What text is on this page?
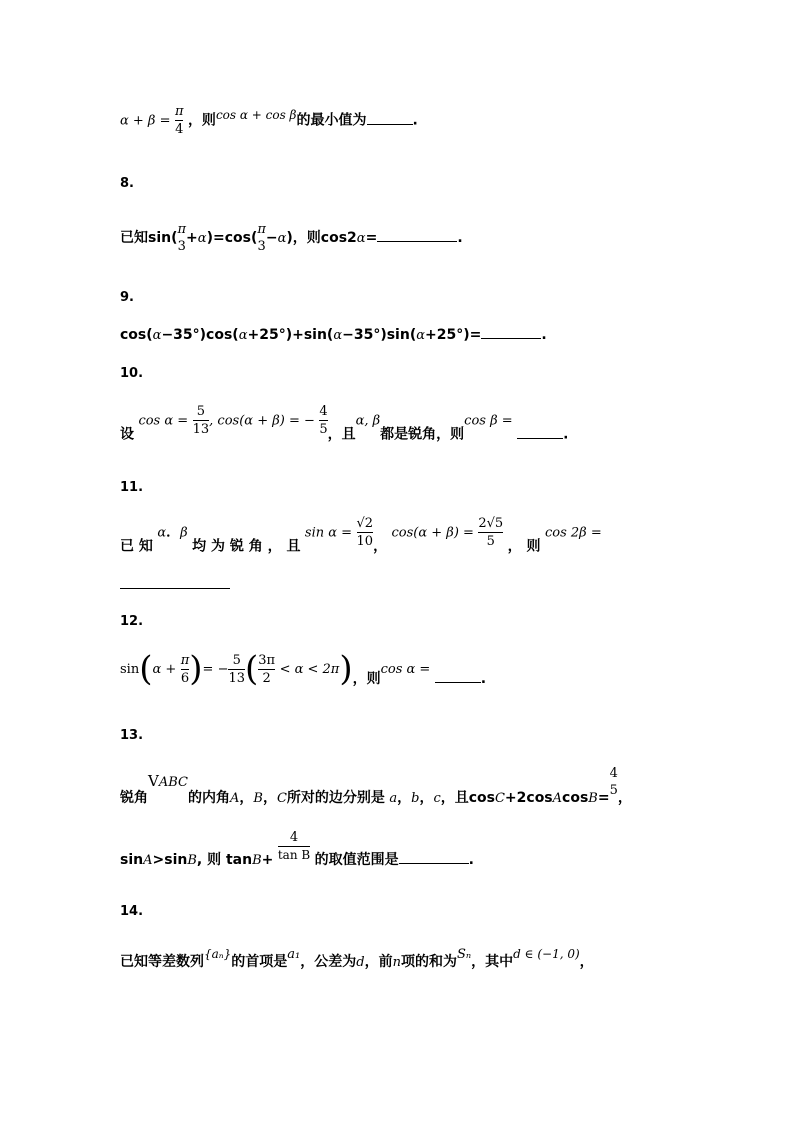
$\alpha + \beta = \frac{\pi}{4}$ ，则$^{cos \alpha + cos \beta}$的最小值为	.
8.
已知sin(
π
3
+α)=cos(
π
3
−α)，则cos2α=	.
9.
cos(α−35°)cos(α+25°)+sin(α−35°)sin(α+25°)=	.
10.
设 $\cos \alpha = \frac{5}{13}$ , cos(α + β) = − $\frac{4}{5}$ ，且α, β都是锐角，则cos β = .
11.
已 知 α．β 均 为 锐 角 ， 且 $\sin \alpha = \frac{√2}{10}$ ， $\cos(\alpha + \beta) = \frac{2√5}{5}$ ， 则 cos 2β =
12.
$\sin(\alpha + \frac{\pi}{6}$ )= − $\frac{5}{13}$ ( $\frac{3\pi}{2} < \alpha < 2\pi$)，则cos α = .
13.
锐角VABC的内角A，B，C所对的边分别是 a，b，c，且cosC+2cosAcosB=
4
5 ，
sinA>sinB, 则 $\tan B+ \frac{4}{\text{tan B}}$ 的取值范围是	.
14.
已知等差数列{aₙ}的首项是a₁，公差为d，前n项的和为Sₙ，其中d ∈ (−1, 0)，
